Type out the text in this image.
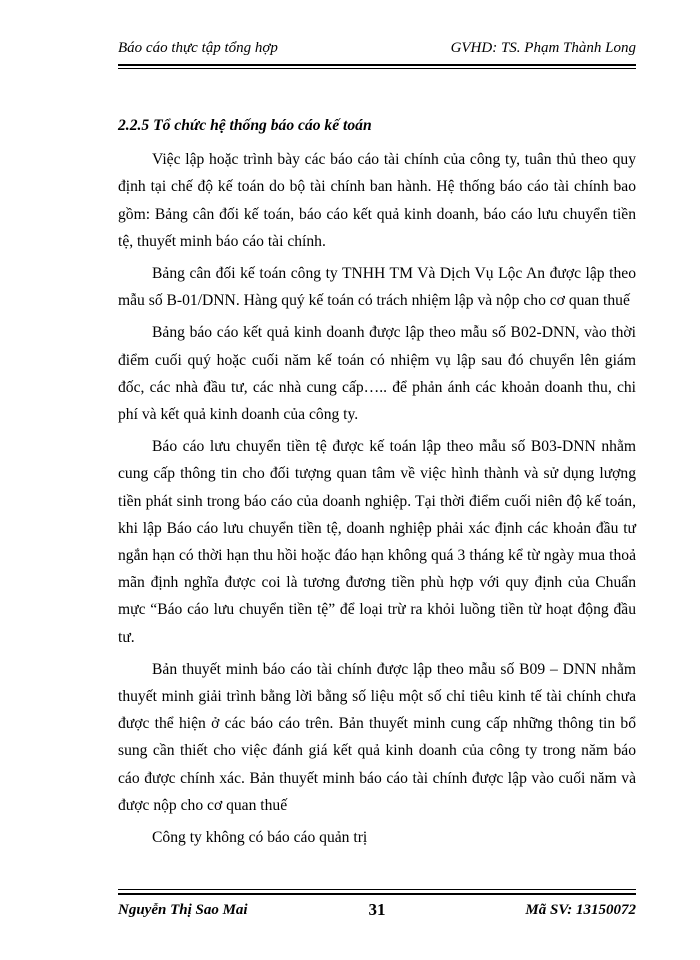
Báo cáo thực tập tổng hợp	GVHD: TS. Phạm Thành Long
2.2.5 Tổ chức hệ thống báo cáo kế toán

Việc lập hoặc trình bày các báo cáo tài chính của công ty, tuân thủ theo quy định tại chế độ kế toán do bộ tài chính ban hành. Hệ thống báo cáo tài chính bao gồm: Bảng cân đối kế toán, báo cáo kết quả kinh doanh, báo cáo lưu chuyển tiền tệ, thuyết minh báo cáo tài chính.

Bảng cân đối kế toán công ty TNHH TM Và Dịch Vụ Lộc An được lập theo mẫu số B-01/DNN. Hàng quý kế toán có trách nhiệm lập và nộp cho cơ quan thuế

Bảng báo cáo kết quả kinh doanh được lập theo mẫu số B02-DNN, vào thời điểm cuối quý hoặc cuối năm kế toán có nhiệm vụ lập sau đó chuyển lên giám đốc, các nhà đầu tư, các nhà cung cấp….. để phản ánh các khoản doanh thu, chi phí và kết quả kinh doanh của công ty.

Báo cáo lưu chuyển tiền tệ được kế toán lập theo mẫu số B03-DNN nhằm cung cấp thông tin cho đối tượng quan tâm về việc hình thành và sử dụng lượng tiền phát sinh trong báo cáo của doanh nghiệp. Tại thời điểm cuối niên độ kế toán, khi lập Báo cáo lưu chuyển tiền tệ, doanh nghiệp phải xác định các khoản đầu tư ngắn hạn có thời hạn thu hồi hoặc đáo hạn không quá 3 tháng kể từ ngày mua thoả mãn định nghĩa được coi là tương đương tiền phù hợp với quy định của Chuẩn mực “Báo cáo lưu chuyển tiền tệ” để loại trừ ra khỏi luồng tiền từ hoạt động đầu tư.

Bản thuyết minh báo cáo tài chính được lập theo mẫu số B09 – DNN nhằm thuyết minh giải trình bằng lời bằng số liệu một số chỉ tiêu kinh tế tài chính chưa được thể hiện ở các báo cáo trên. Bản thuyết minh cung cấp những thông tin bổ sung cần thiết cho việc đánh giá kết quả kinh doanh của công ty trong năm báo cáo được chính xác. Bản thuyết minh báo cáo tài chính được lập vào cuối năm và được nộp cho cơ quan thuế

Công ty không có báo cáo quản trị

Nguyễn Thị Sao Mai	31	Mã SV: 13150072
